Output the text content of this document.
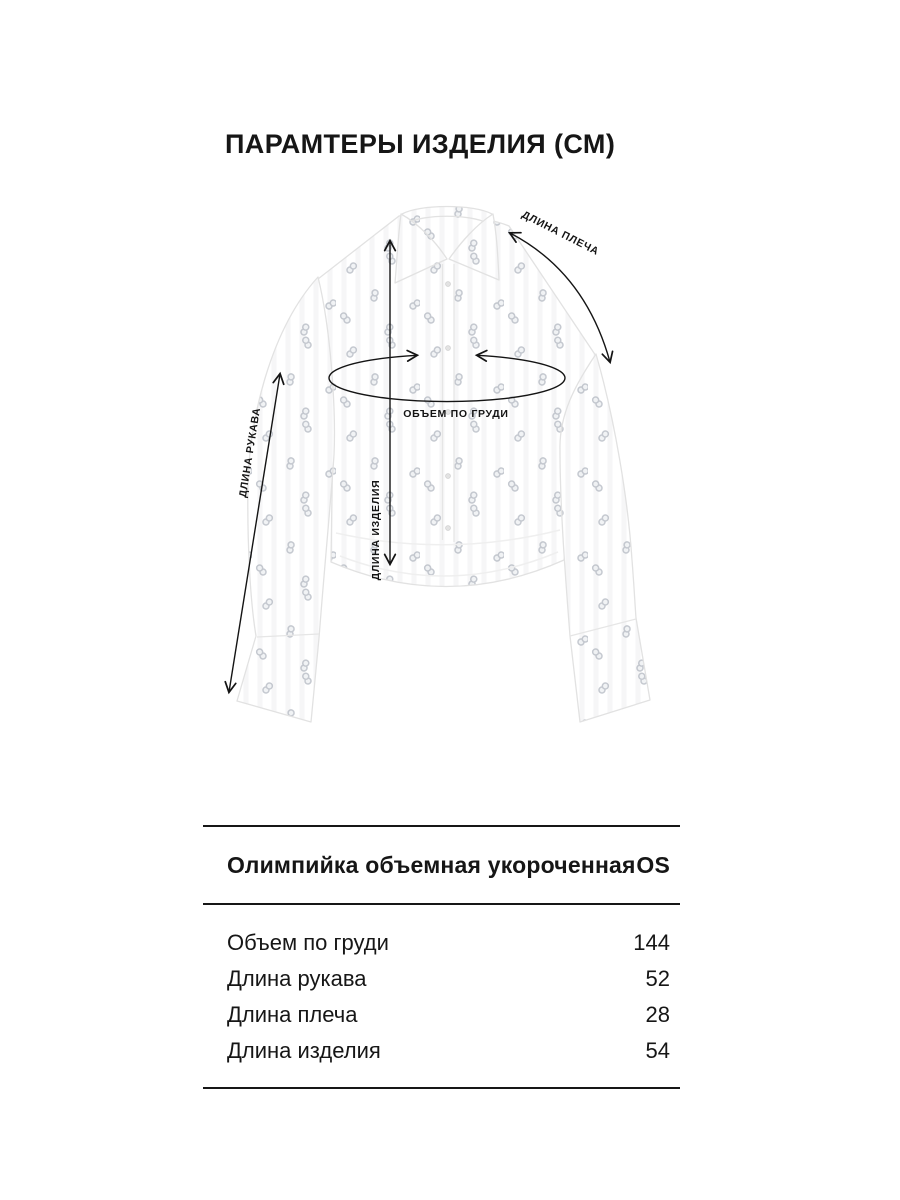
ПАРАМТЕРЫ ИЗДЕЛИЯ (СМ)
ДЛИНА ИЗДЕЛИЯ
ДЛИНА РУКАВА
ДЛИНА ПЛЕЧА
ОБЪЕМ ПО ГРУДИ
Олимпийка объемная укороченная OS
Объем по груди	144
Длина рукава	52
Длина плеча	28
Длина изделия	54
